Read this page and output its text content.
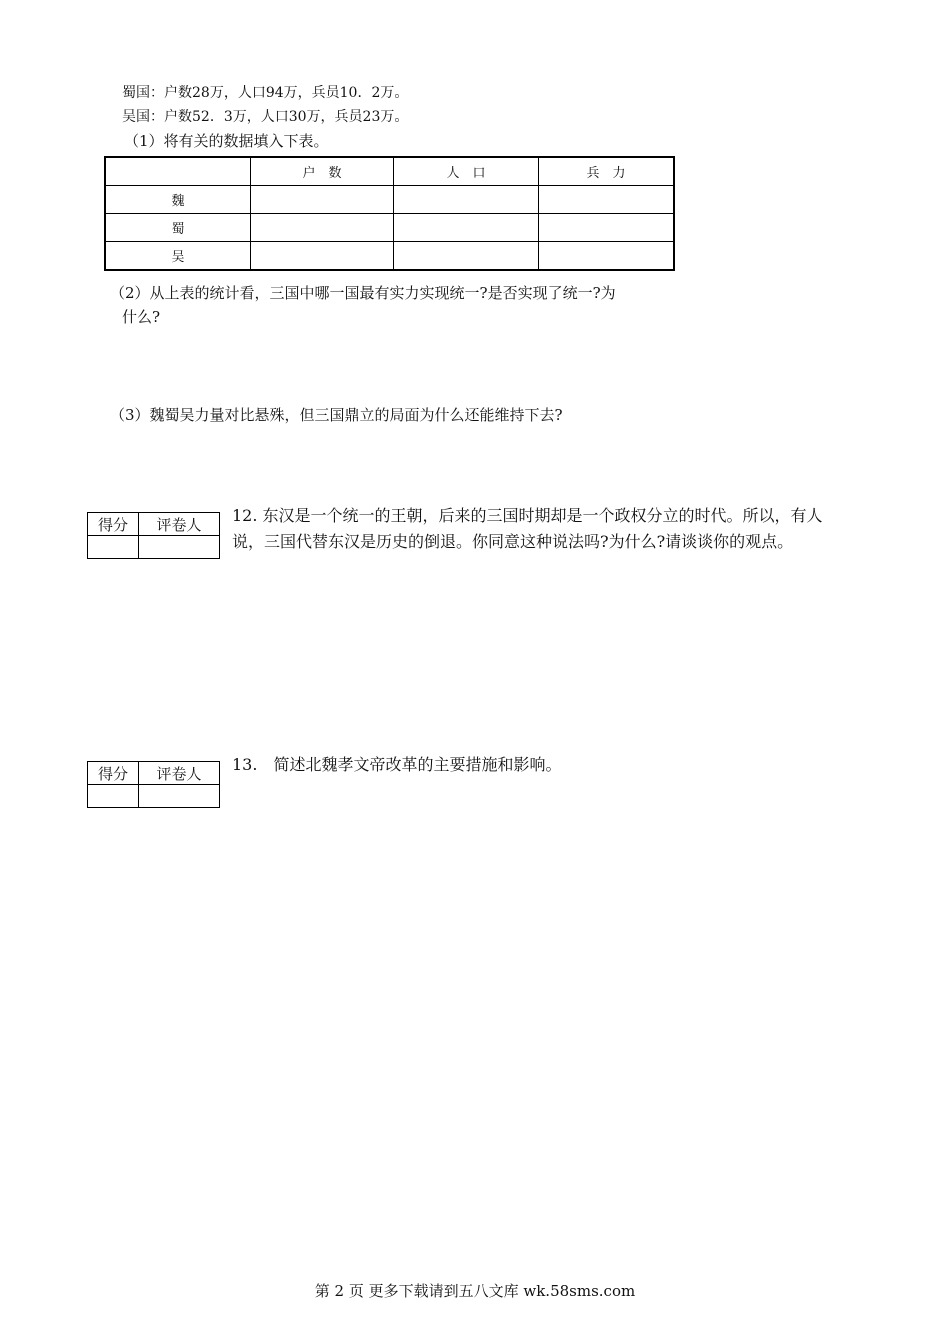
蜀国：户数28万，人口94万，兵员10．2万。
吴国：户数52．3万，人口30万，兵员23万。
（1）将有关的数据填入下表。
	户　数	人　口	兵　力
魏			
蜀			
吴			
（2）从上表的统计看，三国中哪一国最有实力实现统一?是否实现了统一?为
什么?
（3）魏蜀吴力量对比悬殊，但三国鼎立的局面为什么还能维持下去?
得分	评卷人
	12. 东汉是一个统一的王朝，后来的三国时期却是一个政权分立的时代。所以，有人
说，三国代替东汉是历史的倒退。你同意这种说法吗?为什么?请谈谈你的观点。
得分	评卷人
	13.　简述北魏孝文帝改革的主要措施和影响。
第 2 页 更多下载请到五八文库 wk.58sms.com
